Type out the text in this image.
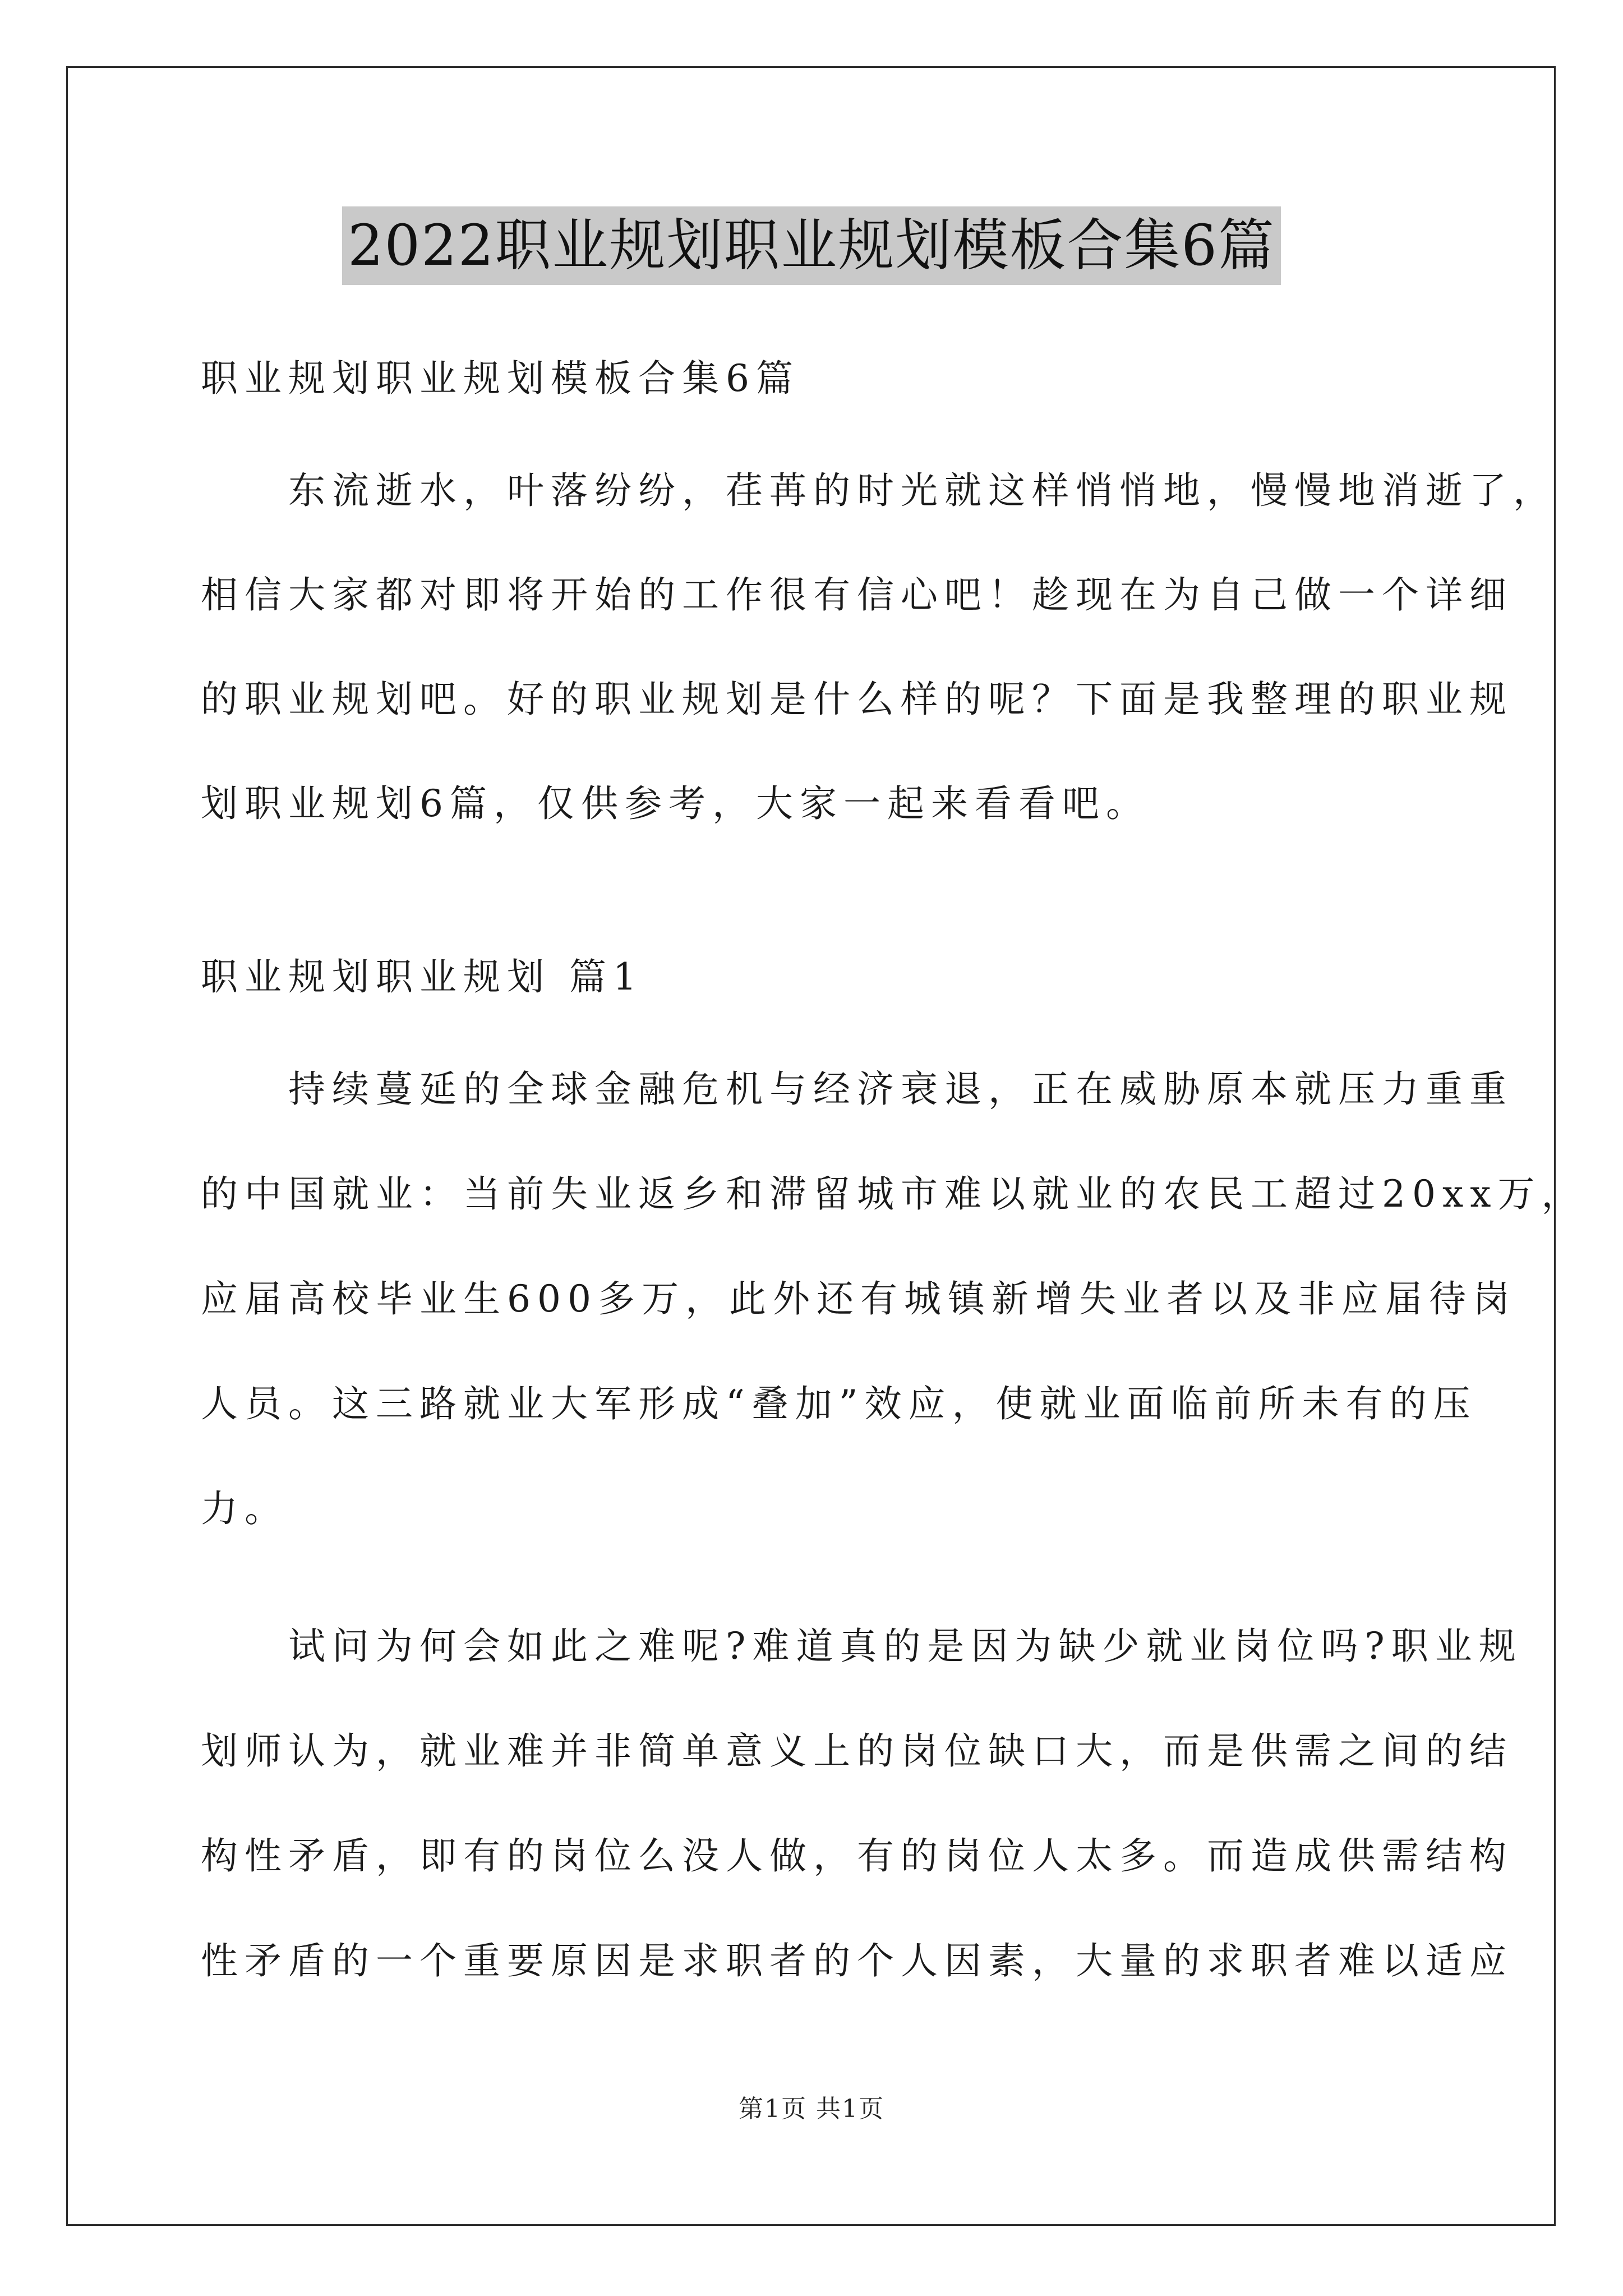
2022职业规划职业规划模板合集6篇
职业规划职业规划模板合集6篇
　　东流逝水，叶落纷纷，荏苒的时光就这样悄悄地，慢慢地消逝了，
相信大家都对即将开始的工作很有信心吧！趁现在为自己做一个详细
的职业规划吧。好的职业规划是什么样的呢？下面是我整理的职业规
划职业规划6篇，仅供参考，大家一起来看看吧。
职业规划职业规划 篇1
　　持续蔓延的全球金融危机与经济衰退，正在威胁原本就压力重重
的中国就业：当前失业返乡和滞留城市难以就业的农民工超过20xx万，
应届高校毕业生600多万，此外还有城镇新增失业者以及非应届待岗
人员。这三路就业大军形成“叠加”效应，使就业面临前所未有的压
力。
　　试问为何会如此之难呢?难道真的是因为缺少就业岗位吗?职业规
划师认为，就业难并非简单意义上的岗位缺口大，而是供需之间的结
构性矛盾，即有的岗位么没人做，有的岗位人太多。而造成供需结构
性矛盾的一个重要原因是求职者的个人因素，大量的求职者难以适应
第1页 共1页
